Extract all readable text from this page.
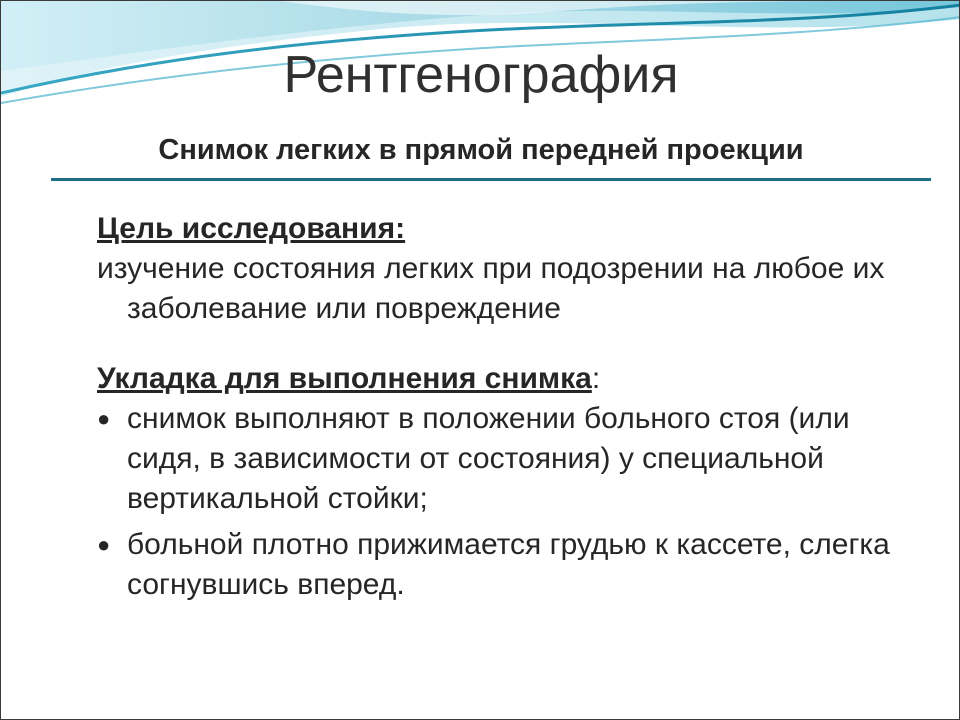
Рентгенография
Снимок легких в прямой передней проекции

Цель исследования:

изучение состояния легких при подозрении на любое их заболевание или повреждение

Укладка для выполнения снимка:

● снимок выполняют в положении больного стоя (или сидя, в зависимости от состояния) у специальной вертикальной стойки;
● больной плотно прижимается грудью к кассете, слегка согнувшись вперед.
